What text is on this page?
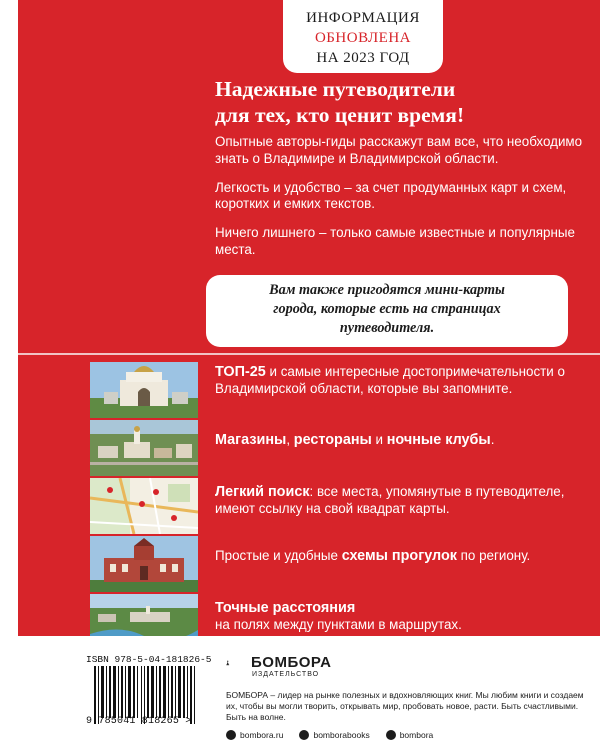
ИНФОРМАЦИЯ
ОБНОВЛЕНА
НА 2023 ГОД
Надежные путеводители
для тех, кто ценит время!

Опытные авторы-гиды расскажут вам все, что необходимо знать о Владимире и Владимирской области.

Легкость и удобство – за счет продуманных карт и схем, коротких и емких текстов.

Ничего лишнего – только самые известные и популярные места.

Вам также пригодятся мини-карты
города, которые есть на страницах
путеводителя.
ТОП-25 и самые интересные достопримечательности о Владимирской области, которые вы запомните.
Магазины, рестораны и ночные клубы.
Легкий поиск: все места, упомянутые в путеводителе, имеют ссылку на свой квадрат карты.
Простые и удобные схемы прогулок по региону.
Точные расстояния
на полях между пунктами в маршрутах.
ISBN 978-5-04-181826-5
9 785041 818265 >
БОМБОРА
ИЗДАТЕЛЬСТВО
БОМБОРА – лидер на рынке полезных и вдохновляющих книг. Мы любим книги и создаем их, чтобы вы могли творить, открывать мир, пробовать новое, расти. Быть счастливыми. Быть на волне.
bombora.ru	bomborabooks	bombora
